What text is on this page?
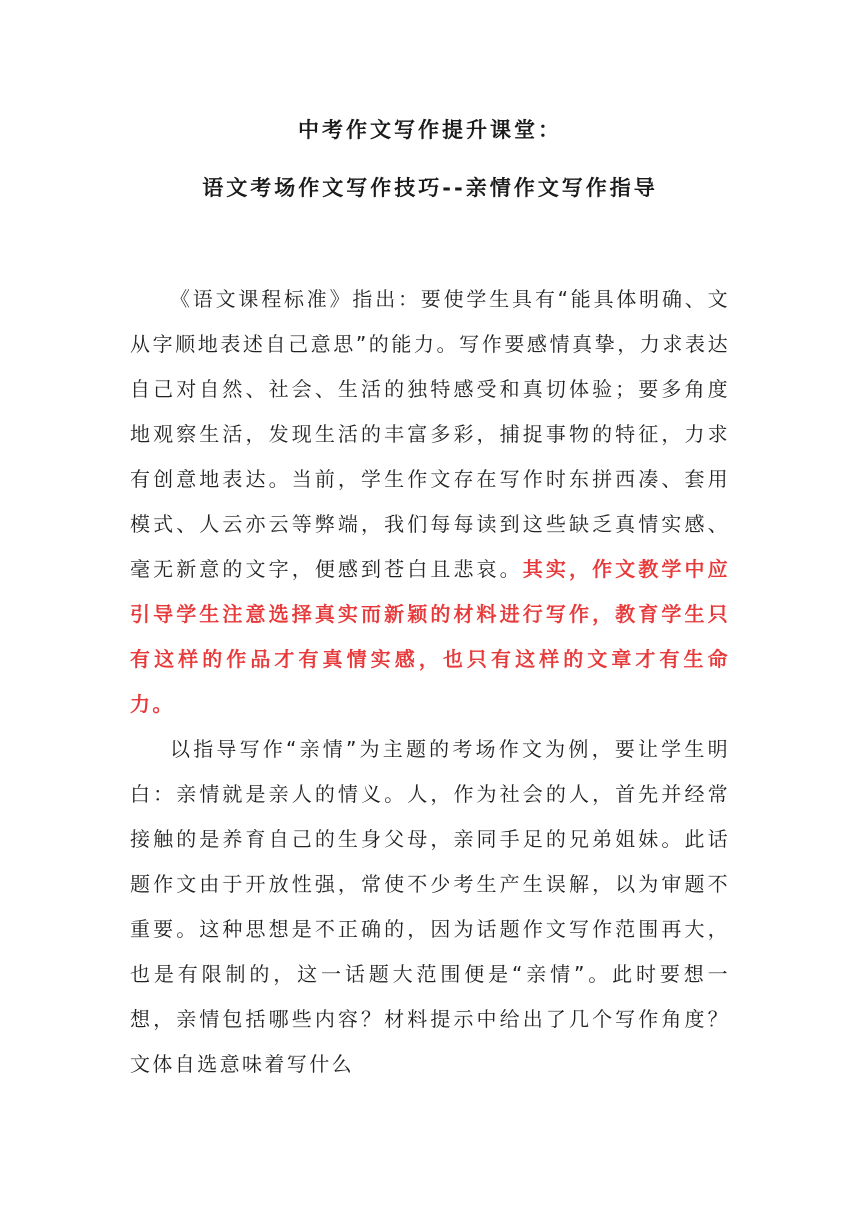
中考作文写作提升课堂：
语文考场作文写作技巧--亲情作文写作指导

《语文课程标准》指出：要使学生具有“能具体明确、文从字顺地表述自己意思”的能力。写作要感情真挚，力求表达自己对自然、社会、生活的独特感受和真切体验；要多角度地观察生活，发现生活的丰富多彩，捕捉事物的特征，力求有创意地表达。当前，学生作文存在写作时东拼西凑、套用模式、人云亦云等弊端，我们每每读到这些缺乏真情实感、毫无新意的文字，便感到苍白且悲哀。其实，作文教学中应引导学生注意选择真实而新颖的材料进行写作，教育学生只有这样的作品才有真情实感，也只有这样的文章才有生命力。

以指导写作“亲情”为主题的考场作文为例，要让学生明白：亲情就是亲人的情义。人，作为社会的人，首先并经常接触的是养育自己的生身父母，亲同手足的兄弟姐妹。此话题作文由于开放性强，常使不少考生产生误解，以为审题不重要。这种思想是不正确的，因为话题作文写作范围再大，也是有限制的，这一话题大范围便是“亲情”。此时要想一想，亲情包括哪些内容？材料提示中给出了几个写作角度？文体自选意味着写什么
